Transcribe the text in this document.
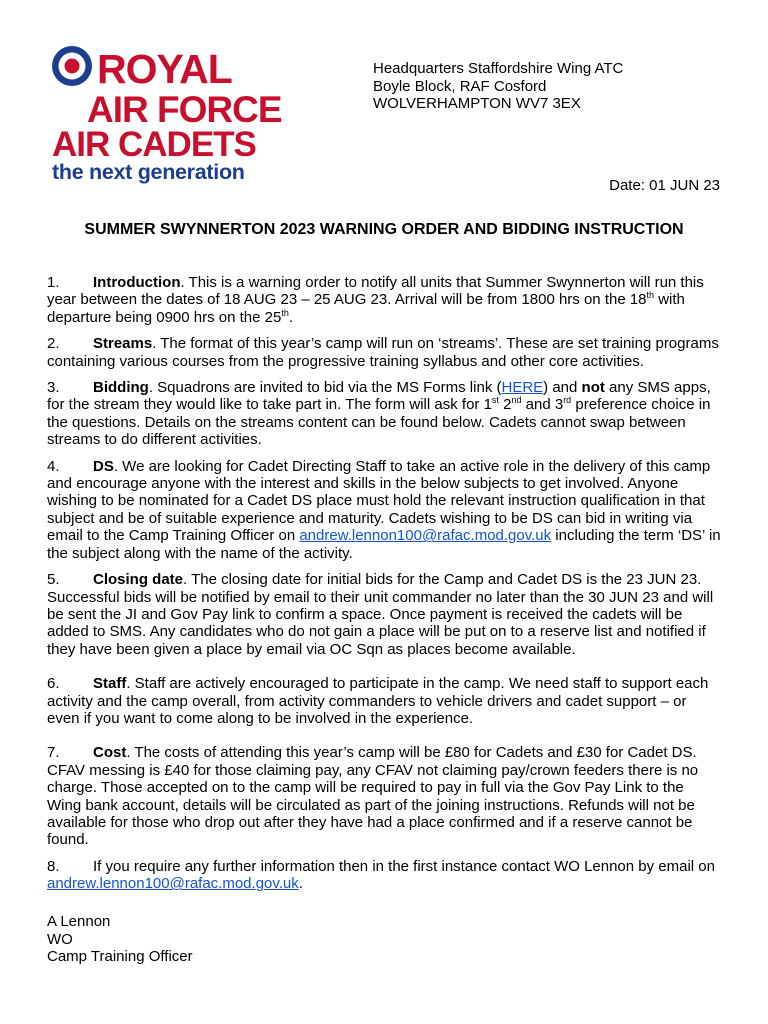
ROYAL
AIR FORCE
AIR CADETS
the next generation
Headquarters Staffordshire Wing ATC
Boyle Block, RAF Cosford
WOLVERHAMPTON WV7 3EX
Date: 01 JUN 23
SUMMER SWYNNERTON 2023 WARNING ORDER AND BIDDING INSTRUCTION

1. Introduction. This is a warning order to notify all units that Summer Swynnerton will run this year between the dates of 18 AUG 23 – 25 AUG 23. Arrival will be from 1800 hrs on the 18th with departure being 0900 hrs on the 25th.

2. Streams. The format of this year’s camp will run on ‘streams’. These are set training programs containing various courses from the progressive training syllabus and other core activities.

3. Bidding. Squadrons are invited to bid via the MS Forms link (HERE) and not any SMS apps, for the stream they would like to take part in. The form will ask for 1st 2nd and 3rd preference choice in the questions. Details on the streams content can be found below. Cadets cannot swap between streams to do different activities.

4. DS. We are looking for Cadet Directing Staff to take an active role in the delivery of this camp and encourage anyone with the interest and skills in the below subjects to get involved. Anyone wishing to be nominated for a Cadet DS place must hold the relevant instruction qualification in that subject and be of suitable experience and maturity. Cadets wishing to be DS can bid in writing via email to the Camp Training Officer on andrew.lennon100@rafac.mod.gov.uk including the term ‘DS’ in the subject along with the name of the activity.

5. Closing date. The closing date for initial bids for the Camp and Cadet DS is the 23 JUN 23. Successful bids will be notified by email to their unit commander no later than the 30 JUN 23 and will be sent the JI and Gov Pay link to confirm a space. Once payment is received the cadets will be added to SMS. Any candidates who do not gain a place will be put on to a reserve list and notified if they have been given a place by email via OC Sqn as places become available.

6. Staff. Staff are actively encouraged to participate in the camp. We need staff to support each activity and the camp overall, from activity commanders to vehicle drivers and cadet support – or even if you want to come along to be involved in the experience.

7. Cost. The costs of attending this year’s camp will be £80 for Cadets and £30 for Cadet DS. CFAV messing is £40 for those claiming pay, any CFAV not claiming pay/crown feeders there is no charge. Those accepted on to the camp will be required to pay in full via the Gov Pay Link to the Wing bank account, details will be circulated as part of the joining instructions. Refunds will not be available for those who drop out after they have had a place confirmed and if a reserve cannot be found.

8. If you require any further information then in the first instance contact WO Lennon by email on andrew.lennon100@rafac.mod.gov.uk.

A Lennon
WO
Camp Training Officer
